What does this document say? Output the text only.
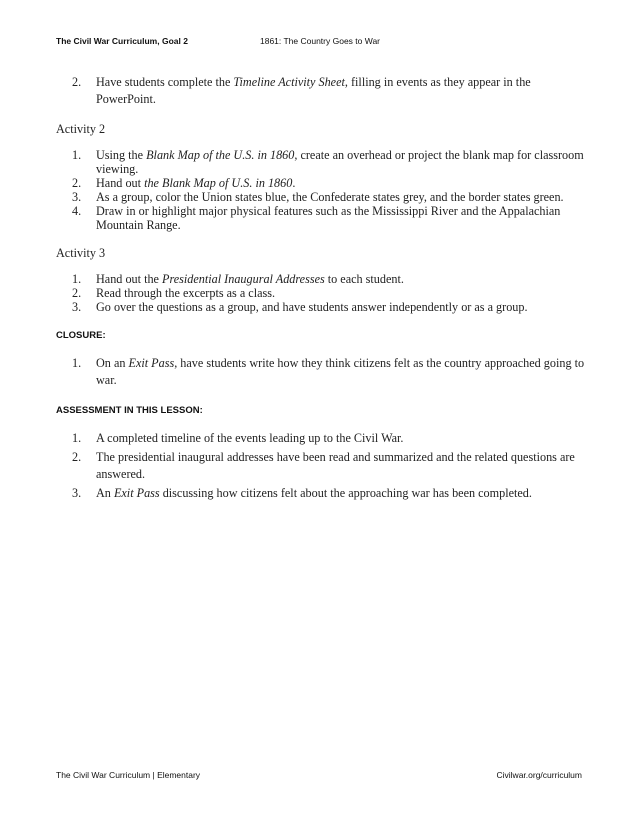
The Civil War Curriculum, Goal 2	1861: The Country Goes to War
2. Have students complete the Timeline Activity Sheet, filling in events as they appear in the PowerPoint.
Activity 2
1. Using the Blank Map of the U.S. in 1860, create an overhead or project the blank map for classroom viewing.
2. Hand out the Blank Map of U.S. in 1860.
3. As a group, color the Union states blue, the Confederate states grey, and the border states green.
4. Draw in or highlight major physical features such as the Mississippi River and the Appalachian Mountain Range.
Activity 3
1. Hand out the Presidential Inaugural Addresses to each student.
2. Read through the excerpts as a class.
3. Go over the questions as a group, and have students answer independently or as a group.
CLOSURE:
1. On an Exit Pass, have students write how they think citizens felt as the country approached going to war.
ASSESSMENT IN THIS LESSON:
1. A completed timeline of the events leading up to the Civil War.
2. The presidential inaugural addresses have been read and summarized and the related questions are answered.
3. An Exit Pass discussing how citizens felt about the approaching war has been completed.
The Civil War Curriculum | Elementary	Civilwar.org/curriculum
